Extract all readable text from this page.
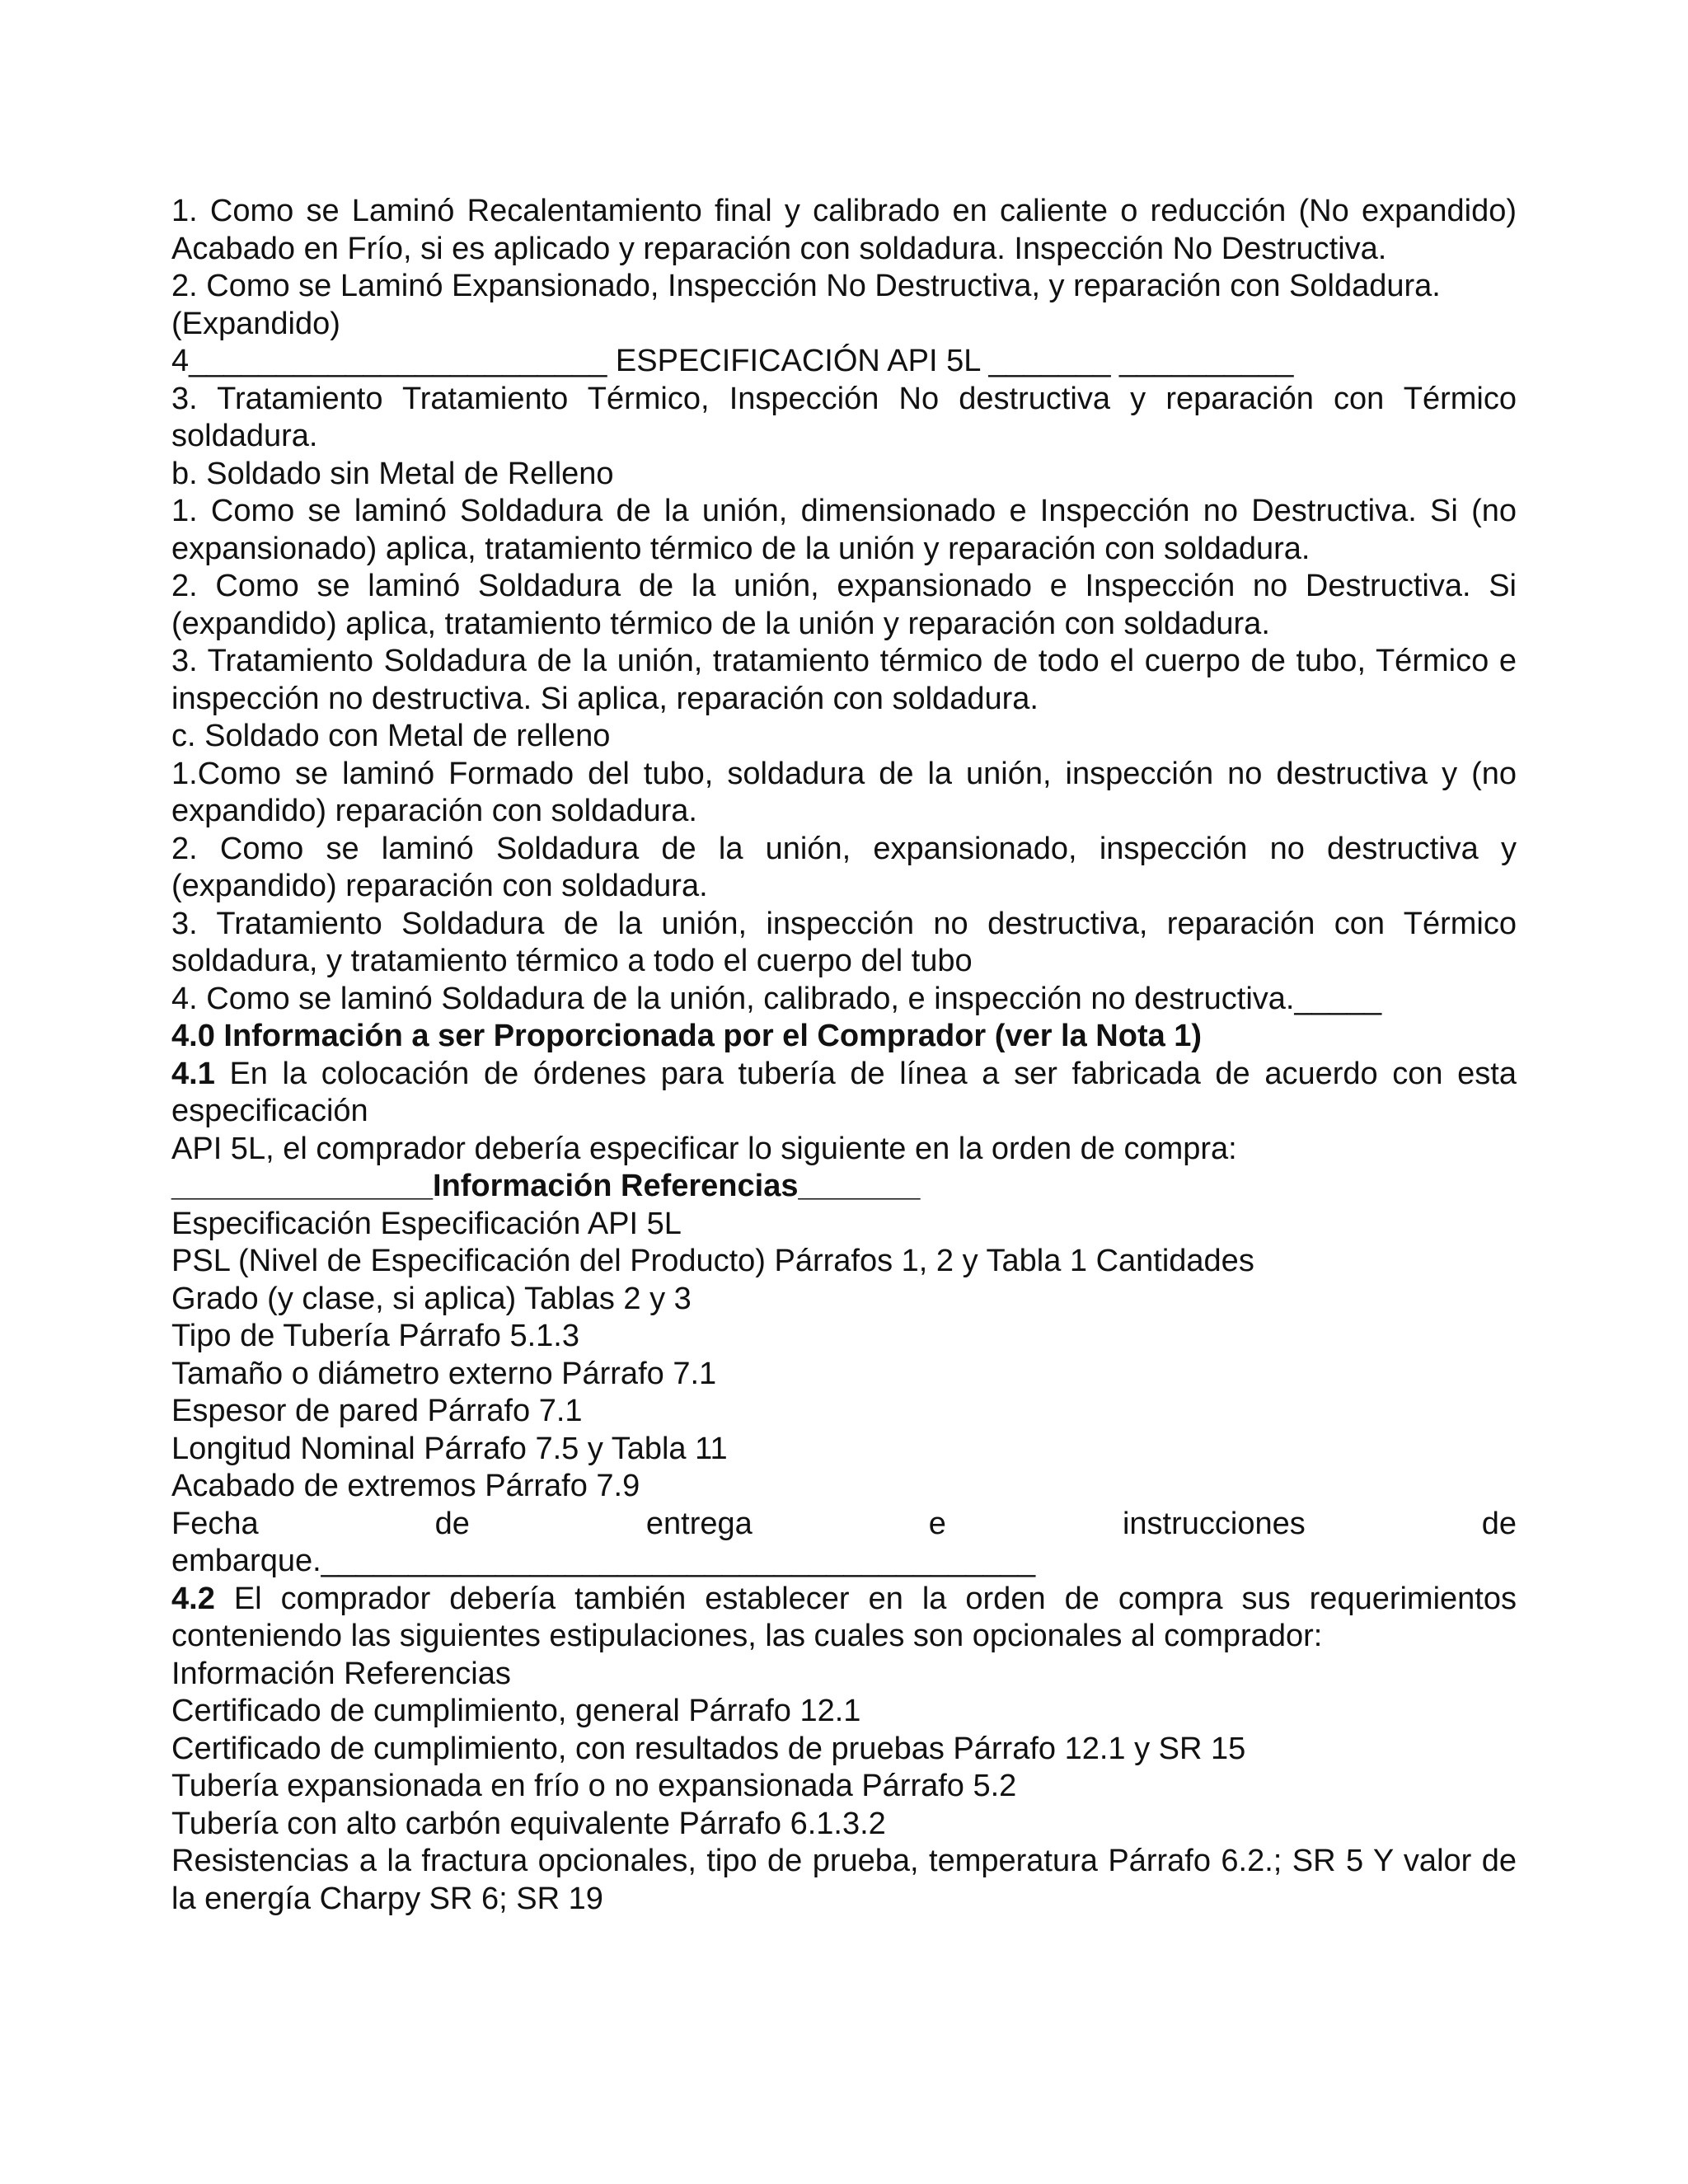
1. Como se Laminó Recalentamiento final y calibrado en caliente o reducción (No expandido) Acabado en Frío, si es aplicado y reparación con soldadura. Inspección No Destructiva.

2. Como se Laminó Expansionado, Inspección No Destructiva, y reparación con Soldadura.

(Expandido)

4________________________ ESPECIFICACIÓN API 5L _______ __________

3. Tratamiento Tratamiento Térmico, Inspección No destructiva y reparación con Térmico soldadura.

b. Soldado sin Metal de Relleno

1. Como se laminó Soldadura de la unión, dimensionado e Inspección no Destructiva. Si (no expansionado) aplica, tratamiento térmico de la unión y reparación con soldadura.

2. Como se laminó Soldadura de la unión, expansionado e Inspección no Destructiva. Si (expandido) aplica, tratamiento térmico de la unión y reparación con soldadura.

3. Tratamiento Soldadura de la unión, tratamiento térmico de todo el cuerpo de tubo, Térmico e inspección no destructiva. Si aplica, reparación con soldadura.

c. Soldado con Metal de relleno

1.Como se laminó Formado del tubo, soldadura de la unión, inspección no destructiva y (no expandido) reparación con soldadura.

2. Como se laminó Soldadura de la unión, expansionado, inspección no destructiva y (expandido) reparación con soldadura.

3. Tratamiento Soldadura de la unión, inspección no destructiva, reparación con Térmico soldadura, y tratamiento térmico a todo el cuerpo del tubo

4. Como se laminó Soldadura de la unión, calibrado, e inspección no destructiva._____

4.0 Información a ser Proporcionada por el Comprador (ver la Nota 1)

4.1 En la colocación de órdenes para tubería de línea a ser fabricada de acuerdo con esta especificación

API 5L, el comprador debería especificar lo siguiente en la orden de compra:

_______________Información Referencias_______

Especificación Especificación API 5L

PSL (Nivel de Especificación del Producto) Párrafos 1, 2 y Tabla 1 Cantidades

Grado (y clase, si aplica) Tablas 2 y 3

Tipo de Tubería Párrafo 5.1.3

Tamaño o diámetro externo Párrafo 7.1

Espesor de pared Párrafo 7.1

Longitud Nominal Párrafo 7.5 y Tabla 11

Acabado de extremos Párrafo 7.9

Fecha de entrega e instrucciones de

embarque._________________________________________

4.2 El comprador debería también establecer en la orden de compra sus requerimientos conteniendo las siguientes estipulaciones, las cuales son opcionales al comprador:

Información Referencias

Certificado de cumplimiento, general Párrafo 12.1

Certificado de cumplimiento, con resultados de pruebas Párrafo 12.1 y SR 15

Tubería expansionada en frío o no expansionada Párrafo 5.2

Tubería con alto carbón equivalente Párrafo 6.1.3.2

Resistencias a la fractura opcionales, tipo de prueba, temperatura Párrafo 6.2.; SR 5 Y valor de la energía Charpy SR 6; SR 19
